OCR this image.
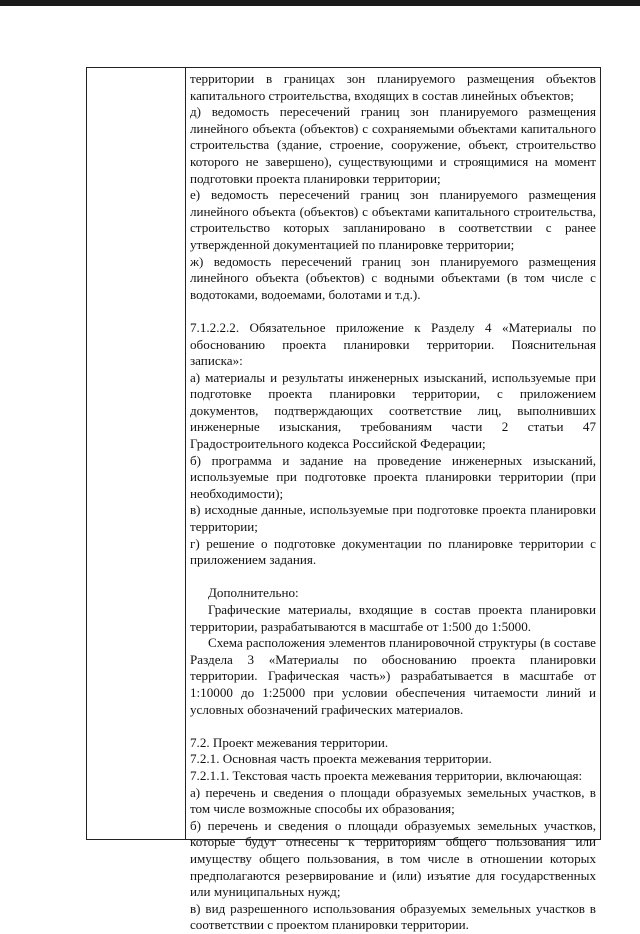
территории в границах зон планируемого размещения объектов капитального строительства, входящих в состав линейных объектов;

д) ведомость пересечений границ зон планируемого размещения линейного объекта (объектов) с сохраняемыми объектами капитального строительства (здание, строение, сооружение, объект, строительство которого не завершено), существующими и строящимися на момент подготовки проекта планировки территории;

е) ведомость пересечений границ зон планируемого размещения линейного объекта (объектов) с объектами капитального строительства, строительство которых запланировано в соответствии с ранее утвержденной документацией по планировке территории;

ж) ведомость пересечений границ зон планируемого размещения линейного объекта (объектов) с водными объектами (в том числе с водотоками, водоемами, болотами и т.д.).

7.1.2.2.2. Обязательное приложение к Разделу 4 «Материалы по обоснованию проекта планировки территории. Пояснительная записка»:

а) материалы и результаты инженерных изысканий, используемые при подготовке проекта планировки территории, с приложением документов, подтверждающих соответствие лиц, выполнивших инженерные изыскания, требованиям части 2 статьи 47 Градостроительного кодекса Российской Федерации;

б) программа и задание на проведение инженерных изысканий, используемые при подготовке проекта планировки территории (при необходимости);

в) исходные данные, используемые при подготовке проекта планировки территории;

г) решение о подготовке документации по планировке территории с приложением задания.

Дополнительно:

Графические материалы, входящие в состав проекта планировки территории, разрабатываются в масштабе от 1:500 до 1:5000.

Схема расположения элементов планировочной структуры (в составе Раздела 3 «Материалы по обоснованию проекта планировки территории. Графическая часть») разрабатывается в масштабе от 1:10000 до 1:25000 при условии обеспечения читаемости линий и условных обозначений графических материалов.

7.2. Проект межевания территории.

7.2.1. Основная часть проекта межевания территории.

7.2.1.1. Текстовая часть проекта межевания территории, включающая:

а) перечень и сведения о площади образуемых земельных участков, в том числе возможные способы их образования;

б) перечень и сведения о площади образуемых земельных участков, которые будут отнесены к территориям общего пользования или имуществу общего пользования, в том числе в отношении которых предполагаются резервирование и (или) изъятие для государственных или муниципальных нужд;

в) вид разрешенного использования образуемых земельных участков в соответствии с проектом планировки территории.
